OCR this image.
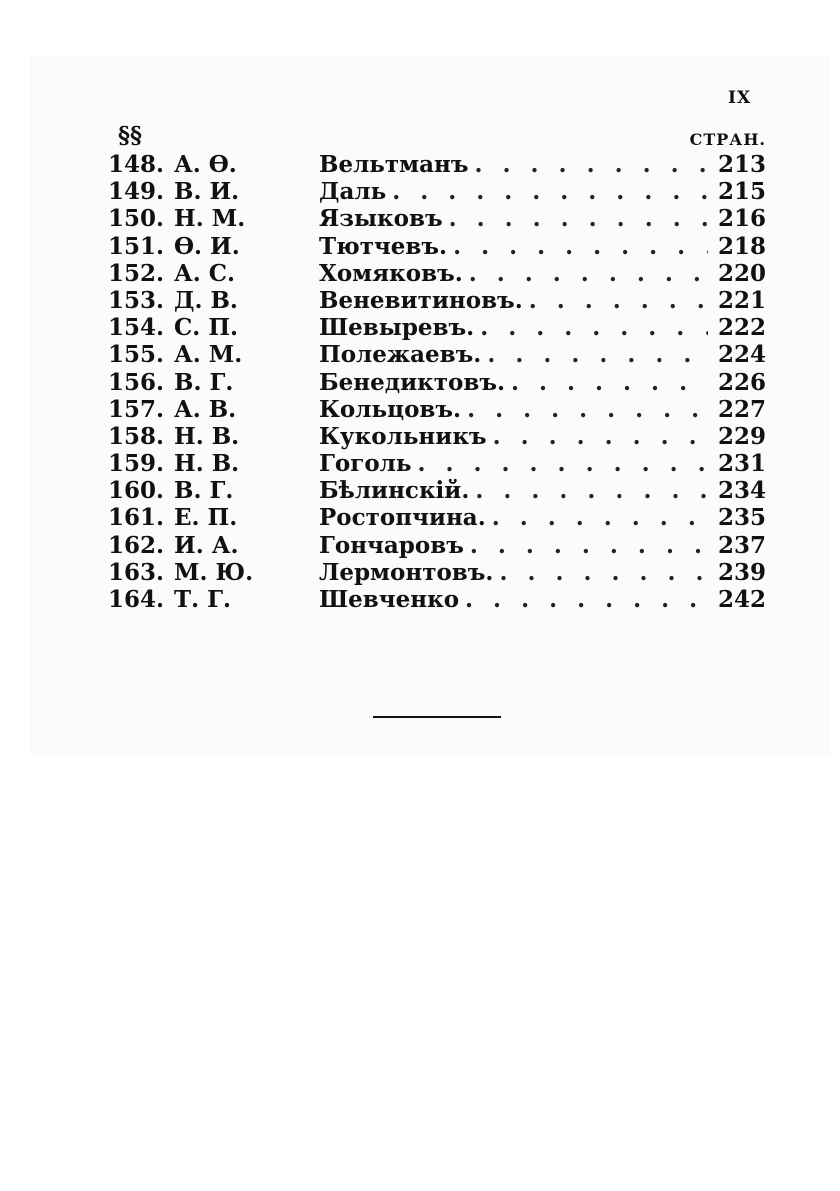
IX
§§	СТРАН.
148. А. Ѳ.	Вельтманъ . . .	213
149. В. И.	Даль . . .	215
150. Н. М.	Языковъ . . .	216
151. Ѳ. И.	Тютчевъ. . . .	218
152. А. С.	Хомяковъ. . . .	220
153. Д. В.	Веневитиновъ. . . .	221
154. С. П.	Шевыревъ. . . .	222
155. А. М.	Полежаевъ. . . .	224
156. В. Г.	Бенедиктовъ. . . .	226
157. А. В.	Кольцовъ. . . .	227
158. Н. В.	Кукольникъ . . .	229
159. Н. В.	Гоголь . . .	231
160. В. Г.	Бѣлинскій. . . .	234
161. Е. П.	Ростопчина. . . .	235
162. И. А.	Гончаровъ . . .	237
163. М. Ю.	Лермонтовъ. . . .	239
164. Т. Г.	Шевченко . . .	242
